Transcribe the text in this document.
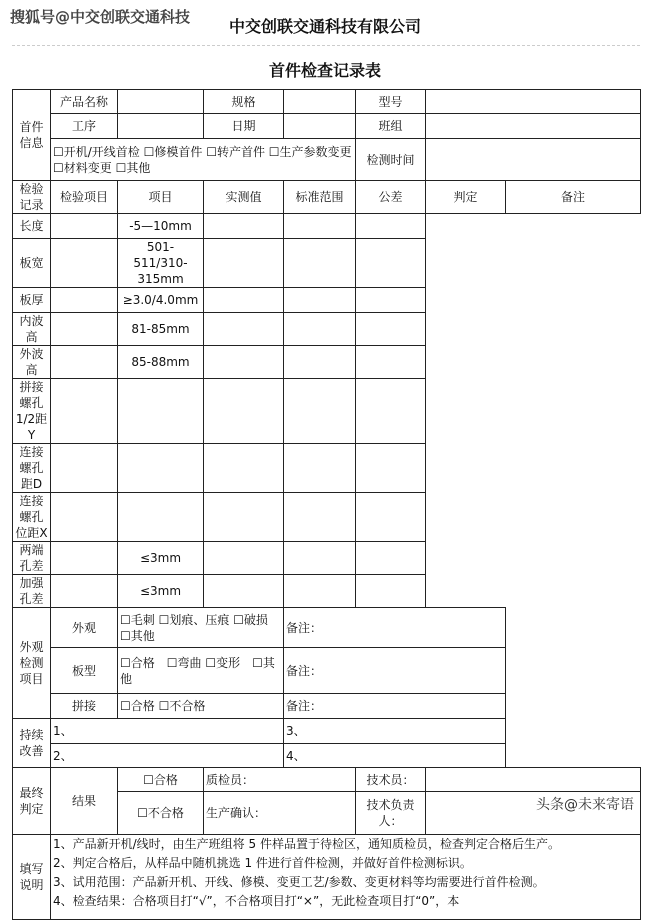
搜狐号@中交创联交通科技	中交创联交通科技有限公司
首件检查记录表
首件信息	产品名称		规格		型号		
	工序		日期		班组		
	☐开机/开线首检 ☐修模首件 ☐转产首件 ☐生产参数变更　☐材料变更 ☐其他				检测时间		
检验记录	检验项目	项目	实测值	标准范围	公差	判定	备注
长度		-5—10mm					
板宽		501-511/310-315mm					
板厚		≥3.0/4.0mm					
内波高		81-85mm					
外波高		85-88mm					
拼接螺孔 1/2距Y							
连接螺孔距D							
连接螺孔位距X							
两端孔差		≤3mm					
加强孔差		≤3mm					
外观检测项目	外观	☐毛刺 ☐划痕、压痕 ☐破损 ☐其他		备注：			
	板型	☐合格　☐弯曲 ☐变形　☐其他		备注：			
	拼接	☐合格 ☐不合格		备注：			
持续改善	1、			3、			
	2、			4、			
最终判定	结果	☐合格	质检员：		技术员：		
		☐不合格	生产确认：		技术负责人：		
填写说明	1、产品新开机/线时，由生产班组将 5 件样品置于待检区，通知质检员，检查判定合格后生产。
2、判定合格后，从样品中随机挑选 1 件进行首件检测，并做好首件检测标识。
3、试用范围：产品新开机、开线、修模、变更工艺/参数、变更材料等均需要进行首件检测。
4、检查结果：合格项目打“√”，不合格项目打“×”，无此检查项目打“0”，本						
头条@未来寄语
